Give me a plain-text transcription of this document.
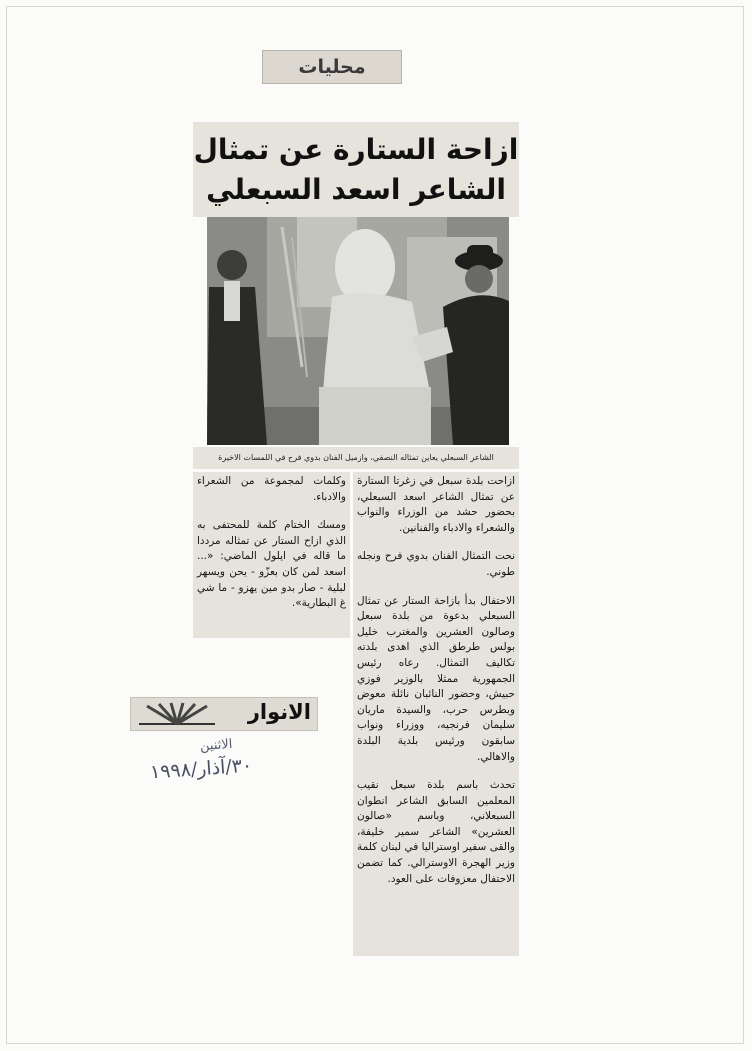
محليات
ازاحة الستارة عن تمثال
الشاعر اسعد السبعلي
الشاعر السبعلي يعاين تمثاله النصفي، وازميل الفنان بدوي فرح في اللمسات الاخيرة

ازاحت بلدة سبعل في زغرتا الستارة عن تمثال الشاعر اسعد السبعلي، بحضور حشد من الوزراء والنواب والشعراء والادباء والفنانين.

نحت التمثال الفنان بدوي فرح ونجله طوني.

الاحتفال بدأ بازاحة الستار عن تمثال السبعلي بدعوة من بلدة سبعل وصالون العشرين والمغترب خليل بولس طرطق الذي اهدى بلدته تكاليف التمثال. رعاه رئيس الجمهورية ممثلا بالوزير فوزي حبيش، وحضور النائبان نائلة معوض وبطرس حرب، والسيدة ماريان سليمان فرنجيه، ووزراء ونواب سابقون ورئيس بلدية البلدة والاهالي.

تحدث باسم بلدة سبعل نقيب المعلمين السابق الشاعر انطوان السبعلاني، وباسم «صالون العشرين» الشاعر سمير خليفة، والقى سفير اوستراليا في لبنان كلمة وزير الهجرة الاوسترالي. كما تضمن الاحتفال معزوفات على العود.

وكلمات لمجموعة من الشعراء والادباء.

ومسك الختام كلمة للمحتفى به الذي ازاح الستار عن تمثاله مرددا ما قاله في ايلول الماضي: «... اسعد لمن كان بعزّو - يحن ويسهر لبلية - صار بدو مين يهزو - ما شي غ البطارية».

الانوار
الاثنين
٣٠/آذار/١٩٩٨
